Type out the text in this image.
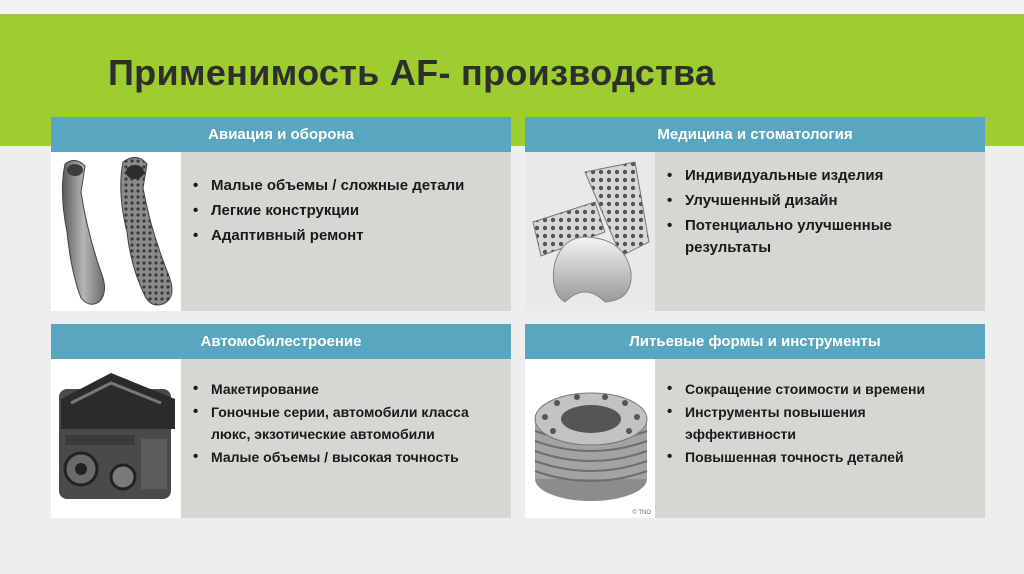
Применимость AF- производства
Авиация и оборона
• Малые объемы / сложные детали
• Легкие конструкции
• Адаптивный ремонт
Медицина и стоматология
• Индивидуальные изделия
• Улучшенный дизайн
• Потенциально улучшенные результаты
Автомобилестроение
• Макетирование
• Гоночные серии, автомобили класса люкс, экзотические автомобили
• Малые объемы / высокая точность
Литьевые формы и инструменты
© TNO
• Сокращение стоимости и времени
• Инструменты повышения эффективности
• Повышенная точность деталей
